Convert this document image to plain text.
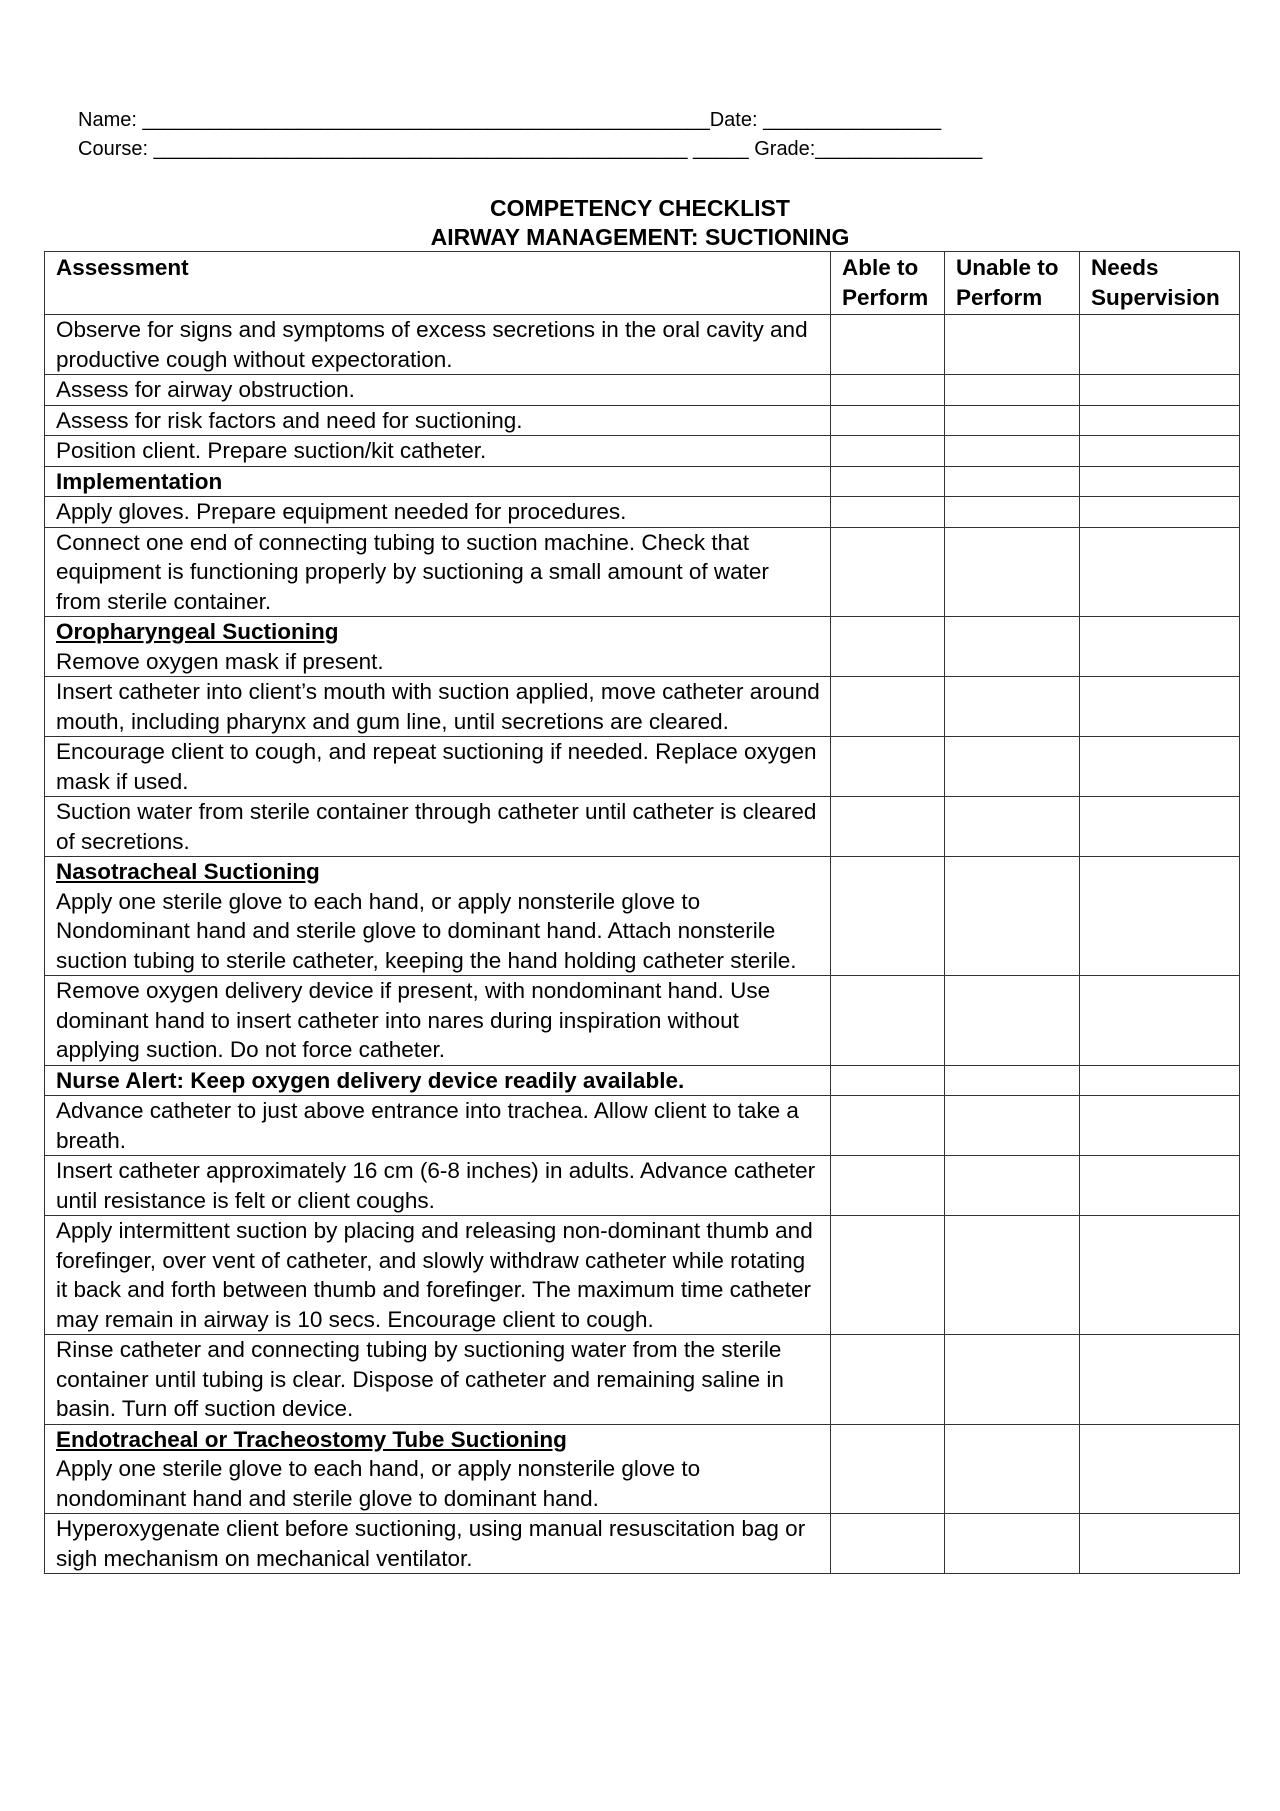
Name: ___________________________________________________Date: ________________
Course: ________________________________________________ _____ Grade:_______________
COMPETENCY CHECKLIST
AIRWAY MANAGEMENT: SUCTIONING
Assessment	Able to Perform	Unable to Perform	Needs Supervision

Observe for signs and symptoms of excess secretions in the oral cavity and productive cough without expectoration.			

Assess for airway obstruction.			

Assess for risk factors and need for suctioning.			

Position client. Prepare suction/kit catheter.			

Implementation			

Apply gloves. Prepare equipment needed for procedures.			

Connect one end of connecting tubing to suction machine. Check that equipment is functioning properly by suctioning a small amount of water from sterile container.			

Oropharyngeal Suctioning
Remove oxygen mask if present.			

Insert catheter into client’s mouth with suction applied, move catheter around mouth, including pharynx and gum line, until secretions are cleared.			

Encourage client to cough, and repeat suctioning if needed. Replace oxygen mask if used.			

Suction water from sterile container through catheter until catheter is cleared of secretions.			

Nasotracheal Suctioning
Apply one sterile glove to each hand, or apply nonsterile glove to Nondominant hand and sterile glove to dominant hand. Attach nonsterile suction tubing to sterile catheter, keeping the hand holding catheter sterile.			

Remove oxygen delivery device if present, with nondominant hand. Use dominant hand to insert catheter into nares during inspiration without applying suction. Do not force catheter.			

Nurse Alert: Keep oxygen delivery device readily available.			

Advance catheter to just above entrance into trachea. Allow client to take a breath.			

Insert catheter approximately 16 cm (6-8 inches) in adults. Advance catheter until resistance is felt or client coughs.			

Apply intermittent suction by placing and releasing non-dominant thumb and forefinger, over vent of catheter, and slowly withdraw catheter while rotating it back and forth between thumb and forefinger. The maximum time catheter may remain in airway is 10 secs. Encourage client to cough.			

Rinse catheter and connecting tubing by suctioning water from the sterile container until tubing is clear. Dispose of catheter and remaining saline in basin. Turn off suction device.			

Endotracheal or Tracheostomy Tube Suctioning
Apply one sterile glove to each hand, or apply nonsterile glove to nondominant hand and sterile glove to dominant hand.			

Hyperoxygenate client before suctioning, using manual resuscitation bag or sigh mechanism on mechanical ventilator.			
